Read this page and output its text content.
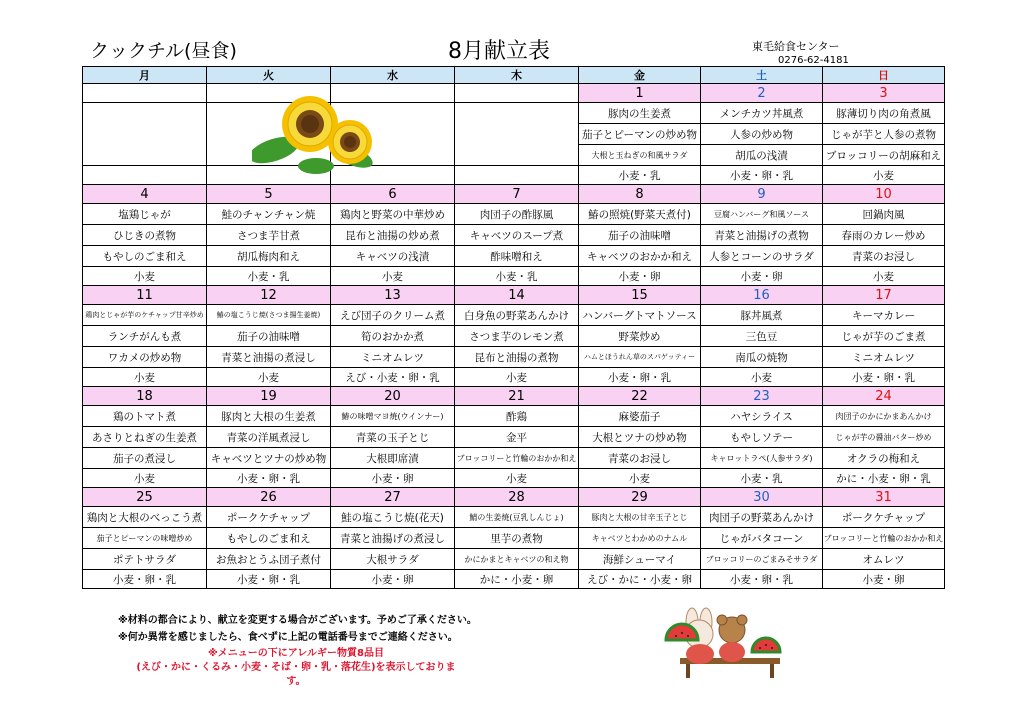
クックチル(昼食)	8月献立表	東毛給食センター
0276-62-4181
月	火	水	木	金	土	日
				1	2	3
				豚肉の生姜煮	メンチカツ丼風煮	豚薄切り肉の角煮風
				茄子とピーマンの炒め物	人参の炒め物	じゃが芋と人参の煮物
				大根と玉ねぎの和風サラダ	胡瓜の浅漬	ブロッコリーの胡麻和え
				小麦・乳	小麦・卵・乳	小麦
4	5	6	7	8	9	10
塩鶏じゃが	鮭のチャンチャン焼	鶏肉と野菜の中華炒め	肉団子の酢豚風	鰆の照焼(野菜天煮付)	豆腐ハンバーグ和風ソース	回鍋肉風
ひじきの煮物	さつま芋甘煮	昆布と油揚の炒め煮	キャベツのスープ煮	茄子の油味噌	青菜と油揚げの煮物	春雨のカレー炒め
もやしのごま和え	胡瓜梅肉和え	キャベツの浅漬	酢味噌和え	キャベツのおかか和え	人参とコーンのサラダ	青菜のお浸し
小麦	小麦・乳	小麦	小麦・乳	小麦・卵	小麦・卵	小麦
11	12	13	14	15	16	17
鶏肉とじゃが芋のケチャップ甘辛炒め	鰆の塩こうじ焼(さつま揚生姜焼)	えび団子のクリーム煮	白身魚の野菜あんかけ	ハンバーグトマトソース	豚丼風煮	キーマカレー
ランチがんも煮	茄子の油味噌	筍のおかか煮	さつま芋のレモン煮	野菜炒め	三色豆	じゃが芋のごま煮
ワカメの炒め物	青菜と油揚の煮浸し	ミニオムレツ	昆布と油揚の煮物	ハムとほうれん草のスパゲッティー	南瓜の焼物	ミニオムレツ
小麦	小麦	えび・小麦・卵・乳	小麦	小麦・卵・乳	小麦	小麦・卵・乳
18	19	20	21	22	23	24
鶏のトマト煮	豚肉と大根の生姜煮	鰆の味噌マヨ焼(ウインナー)	酢鶏	麻婆茄子	ハヤシライス	肉団子のかにかまあんかけ
あさりとねぎの生姜煮	青菜の洋風煮浸し	青菜の玉子とじ	金平	大根とツナの炒め物	もやしソテー	じゃが芋の醤油バター炒め
茄子の煮浸し	キャベツとツナの炒め物	大根即席漬	ブロッコリーと竹輪のおかか和え	青菜のお浸し	キャロットラペ(人参サラダ)	オクラの梅和え
小麦	小麦・卵・乳	小麦・卵	小麦	小麦	小麦・乳	かに・小麦・卵・乳
25	26	27	28	29	30	31
鶏肉と大根のべっこう煮	ポークケチャップ	鮭の塩こうじ焼(花天)	鯖の生姜焼(豆乳しんじょ)	豚肉と大根の甘辛玉子とじ	肉団子の野菜あんかけ	ポークケチャップ
茄子とピーマンの味噌炒め	もやしのごま和え	青菜と油揚げの煮浸し	里芋の煮物	キャベツとわかめのナムル	じゃがバタコーン	ブロッコリーと竹輪のおかか和え
ポテトサラダ	お魚おとうふ団子煮付	大根サラダ	かにかまとキャベツの和え物	海鮮シューマイ	ブロッコリーのごまみそサラダ	オムレツ
小麦・卵・乳	小麦・卵・乳	小麦・卵	かに・小麦・卵	えび・かに・小麦・卵	小麦・卵・乳	小麦・卵
※材料の都合により、献立を変更する場合がございます。予めご了承ください。
※何か異常を感じましたら、食べずに上記の電話番号までご連絡ください。
※メニューの下にアレルギー物質8品目
(えび・かに・くるみ・小麦・そば・卵・乳・落花生)を表示しております。
